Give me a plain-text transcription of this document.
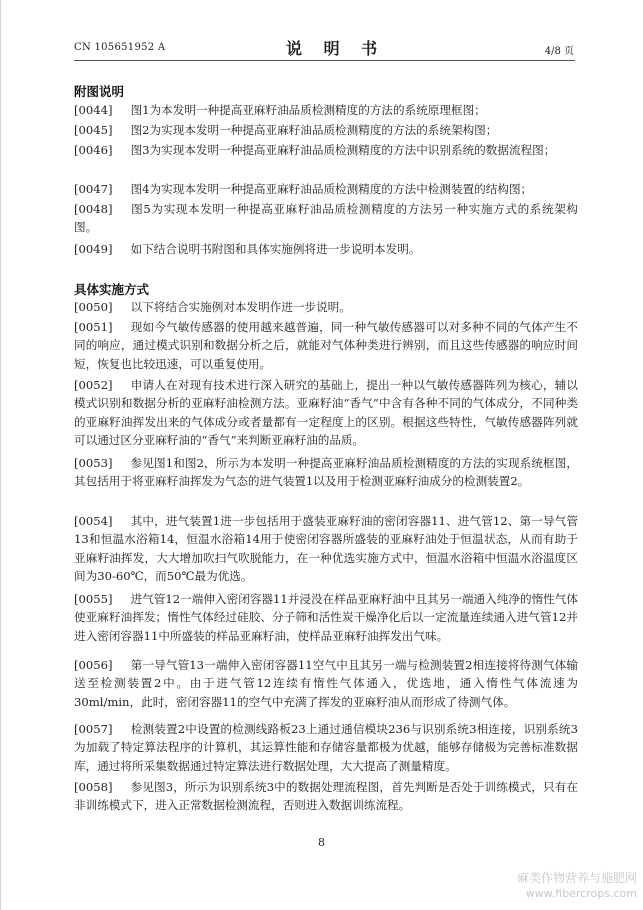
CN 105651952 A	说 明 书	4/8 页
附图说明
[0044] 图1为本发明一种提高亚麻籽油品质检测精度的方法的系统原理框图；
[0045] 图2为实现本发明一种提高亚麻籽油品质检测精度的方法的系统架构图；
[0046] 图3为实现本发明一种提高亚麻籽油品质检测精度的方法中识别系统的数据流程图；
[0047] 图4为实现本发明一种提高亚麻籽油品质检测精度的方法中检测装置的结构图；
[0048] 图5为实现本发明一种提高亚麻籽油品质检测精度的方法另一种实施方式的系统架构图。
[0049] 如下结合说明书附图和具体实施例将进一步说明本发明。
具体实施方式
[0050] 以下将结合实施例对本发明作进一步说明。
[0051] 现如今气敏传感器的使用越来越普遍，同一种气敏传感器可以对多种不同的气体产生不同的响应，通过模式识别和数据分析之后，就能对气体种类进行辨别，而且这些传感器的响应时间短，恢复也比较迅速，可以重复使用。
[0052] 申请人在对现有技术进行深入研究的基础上，提出一种以气敏传感器阵列为核心，辅以模式识别和数据分析的亚麻籽油检测方法。亚麻籽油“香气”中含有各种不同的气体成分，不同种类的亚麻籽油挥发出来的气体成分或者量都有一定程度上的区别。根据这些特性，气敏传感器阵列就可以通过区分亚麻籽油的“香气”来判断亚麻籽油的品质。
[0053] 参见图1和图2，所示为本发明一种提高亚麻籽油品质检测精度的方法的实现系统框图，其包括用于将亚麻籽油挥发为气态的进气装置1以及用于检测亚麻籽油成分的检测装置2。
[0054] 其中，进气装置1进一步包括用于盛装亚麻籽油的密闭容器11、进气管12、第一导气管13和恒温水浴箱14，恒温水浴箱14用于使密闭容器所盛装的亚麻籽油处于恒温状态，从而有助于亚麻籽油挥发，大大增加吹扫气吹脱能力，在一种优选实施方式中，恒温水浴箱中恒温水浴温度区间为30-60℃，而50℃最为优选。
[0055] 进气管12一端伸入密闭容器11并浸没在样品亚麻籽油中且其另一端通入纯净的惰性气体使亚麻籽油挥发；惰性气体经过硅胶、分子筛和活性炭干燥净化后以一定流量连续通入进气管12并进入密闭容器11中所盛装的样品亚麻籽油，使样品亚麻籽油挥发出气味。
[0056] 第一导气管13一端伸入密闭容器11空气中且其另一端与检测装置2相连接将待测气体输送至检测装置2中。由于进气管12连续有惰性气体通入，优选地，通入惰性气体流速为30ml/min，此时，密闭容器11的空气中充满了挥发的亚麻籽油从而形成了待测气体。
[0057] 检测装置2中设置的检测线路板23上通过通信模块236与识别系统3相连接，识别系统3为加载了特定算法程序的计算机，其运算性能和存储容量都极为优越，能够存储极为完善标准数据库，通过将所采集数据通过特定算法进行数据处理，大大提高了测量精度。
[0058] 参见图3，所示为识别系统3中的数据处理流程图，首先判断是否处于训练模式，只有在非训练模式下，进入正常数据检测流程，否则进入数据训练流程。
8
麻类作物营养与施肥网
www.fibercrops.com
